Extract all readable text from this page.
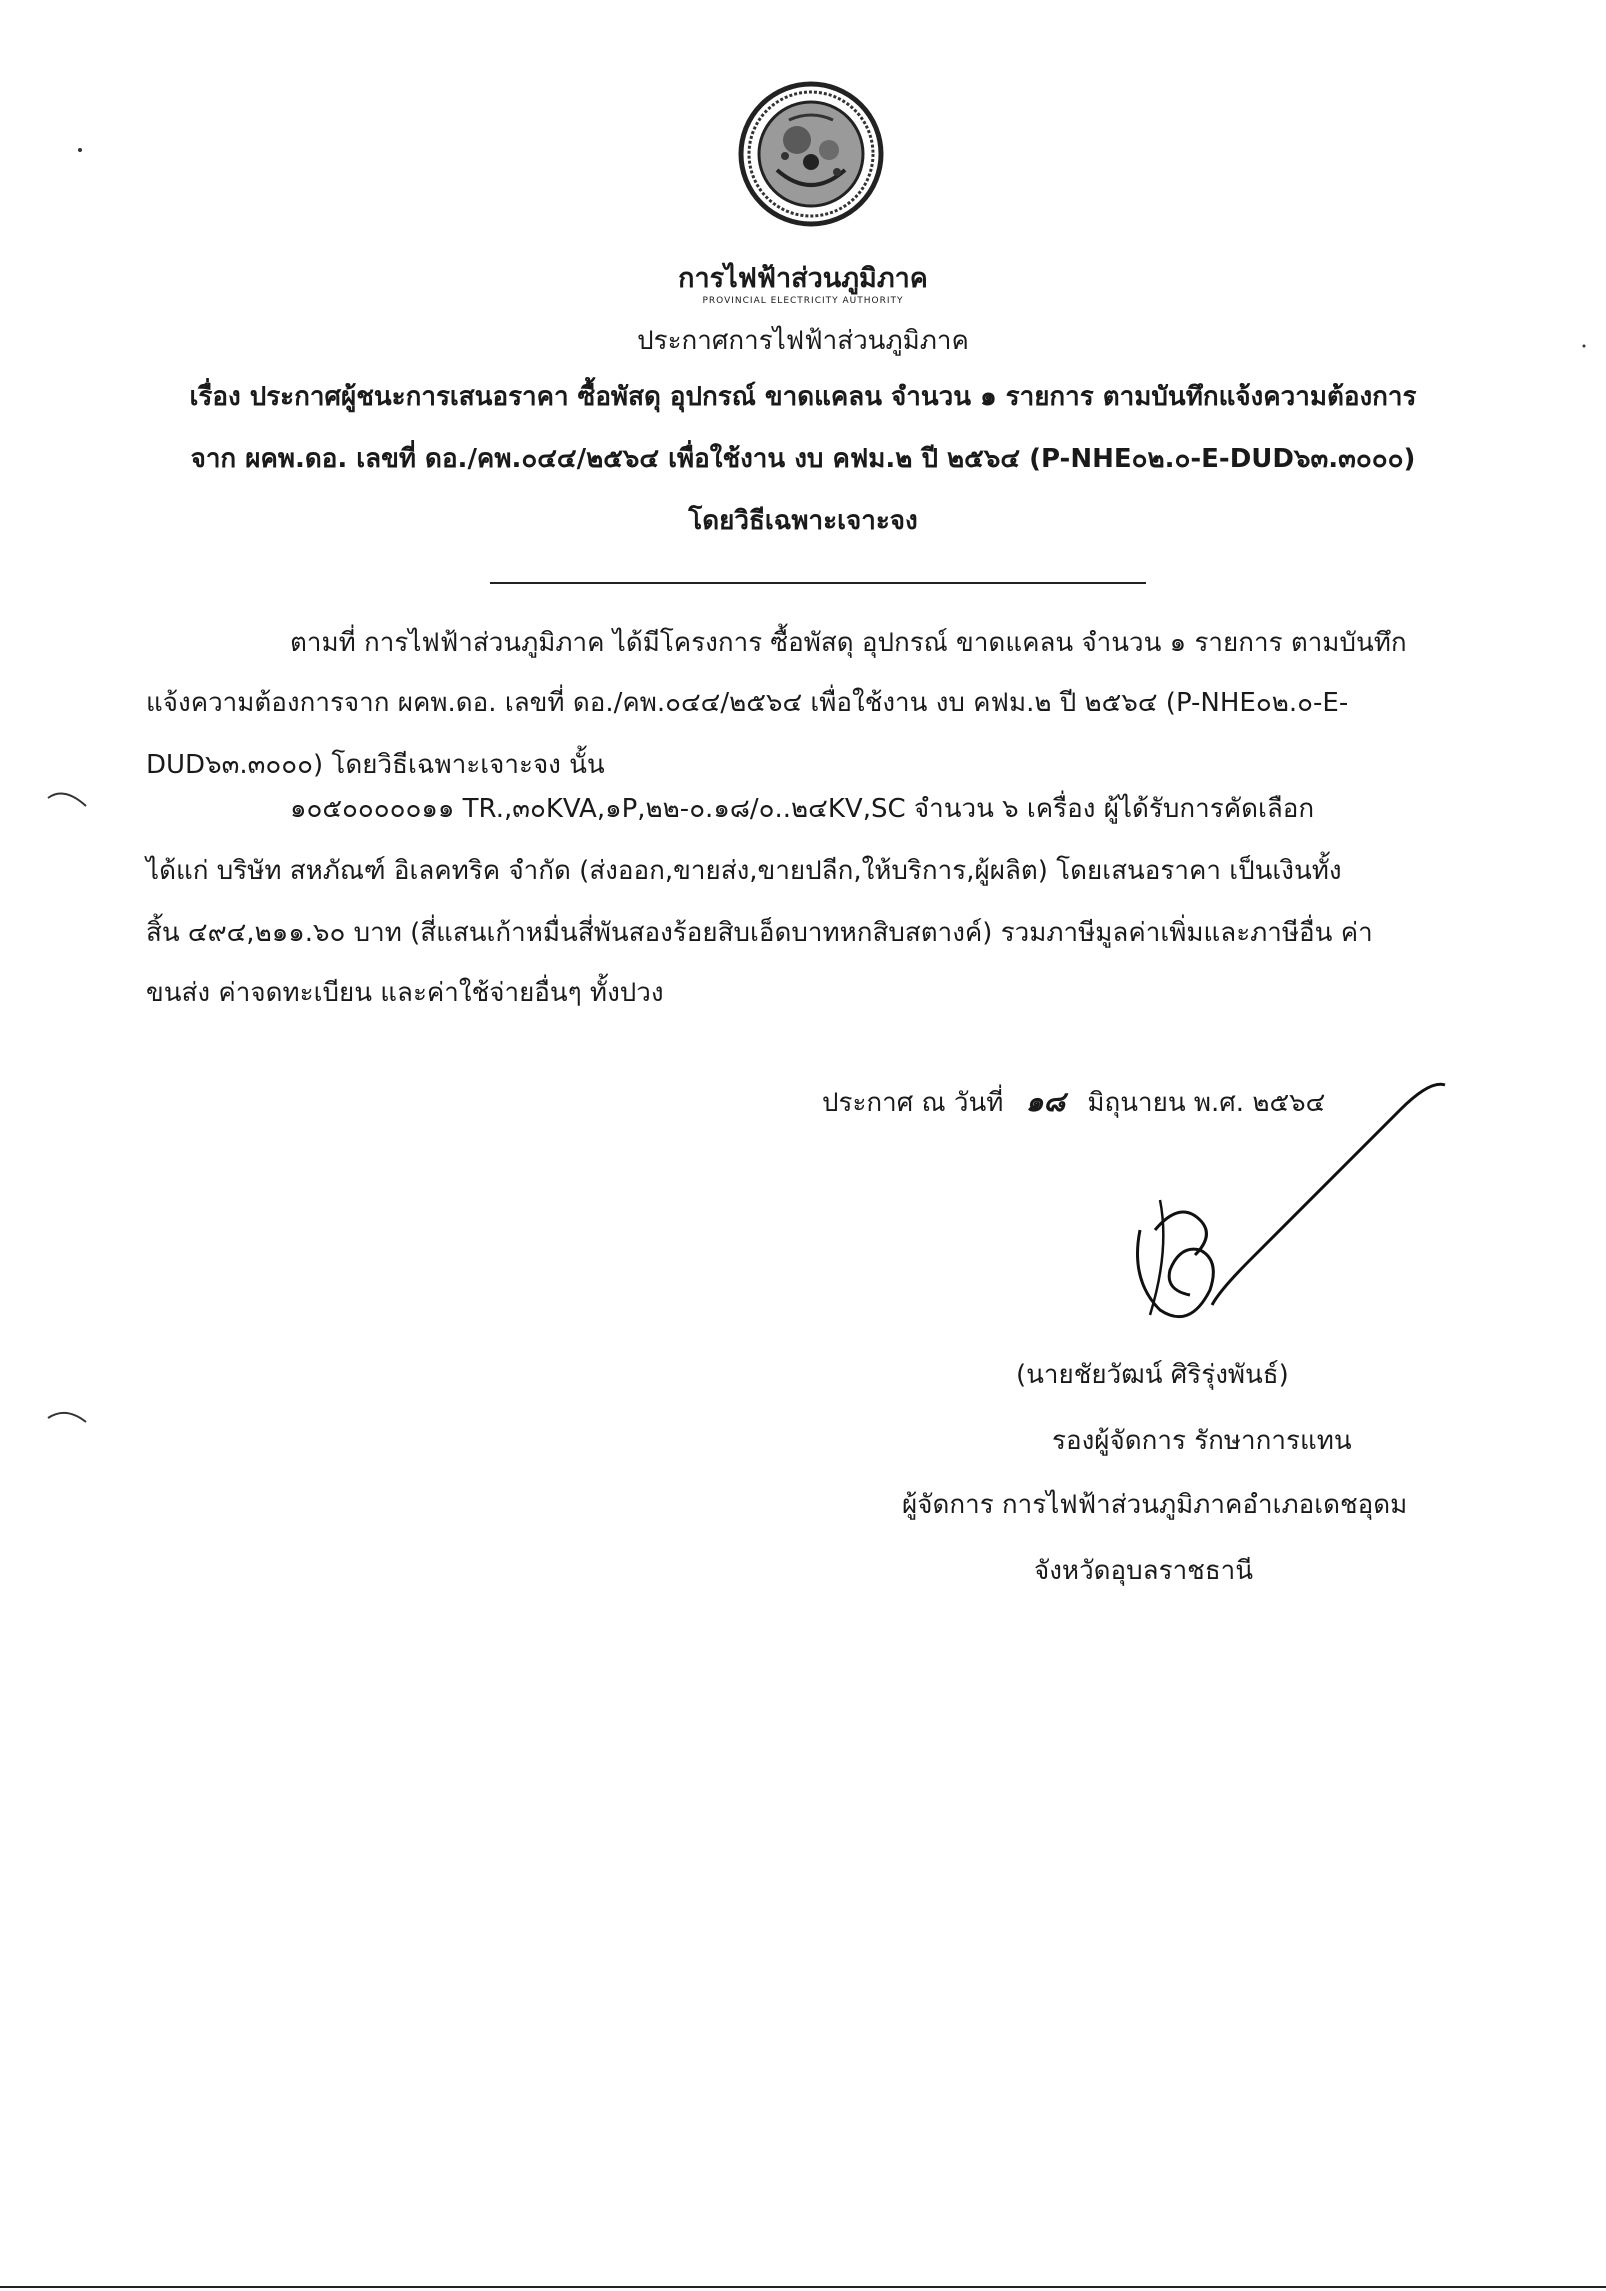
การไฟฟ้าส่วนภูมิภาค
PROVINCIAL ELECTRICITY AUTHORITY
ประกาศการไฟฟ้าส่วนภูมิภาค
เรื่อง ประกาศผู้ชนะการเสนอราคา ซื้อพัสดุ อุปกรณ์ ขาดแคลน จำนวน ๑ รายการ ตามบันทึกแจ้งความต้องการ
จาก ผคพ.ดอ. เลขที่ ดอ./คพ.๐๔๔/๒๕๖๔ เพื่อใช้งาน งบ คฟม.๒ ปี ๒๕๖๔ (P-NHE๐๒.๐-E-DUD๖๓.๓๐๐๐)
โดยวิธีเฉพาะเจาะจง
ตามที่ การไฟฟ้าส่วนภูมิภาค ได้มีโครงการ ซื้อพัสดุ อุปกรณ์ ขาดแคลน จำนวน ๑ รายการ ตามบันทึก
แจ้งความต้องการจาก ผคพ.ดอ. เลขที่ ดอ./คพ.๐๔๔/๒๕๖๔ เพื่อใช้งาน งบ คฟม.๒ ปี ๒๕๖๔ (P-NHE๐๒.๐-E-
DUD๖๓.๓๐๐๐) โดยวิธีเฉพาะเจาะจง นั้น
๑๐๕๐๐๐๐๐๑๑ TR.,๓๐KVA,๑P,๒๒-๐.๑๘/๐..๒๔KV,SC จำนวน ๖ เครื่อง ผู้ได้รับการคัดเลือก
ได้แก่ บริษัท สหภัณฑ์ อิเลคทริค จำกัด (ส่งออก,ขายส่ง,ขายปลีก,ให้บริการ,ผู้ผลิต) โดยเสนอราคา เป็นเงินทั้ง
สิ้น ๔๙๔,๒๑๑.๖๐ บาท (สี่แสนเก้าหมื่นสี่พันสองร้อยสิบเอ็ดบาทหกสิบสตางค์) รวมภาษีมูลค่าเพิ่มและภาษีอื่น ค่า
ขนส่ง ค่าจดทะเบียน และค่าใช้จ่ายอื่นๆ ทั้งปวง
ประกาศ ณ วันที่ ๑๘ มิถุนายน พ.ศ. ๒๕๖๔
(นายชัยวัฒน์ ศิริรุ่งพันธ์)
รองผู้จัดการ รักษาการแทน
ผู้จัดการ การไฟฟ้าส่วนภูมิภาคอำเภอเดชอุดม
จังหวัดอุบลราชธานี
